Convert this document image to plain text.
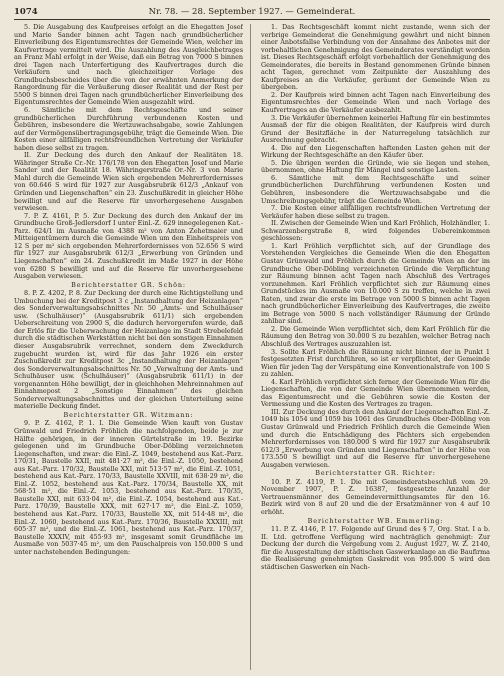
1074	Nr. 78. — 28. September 1927. — Gemeinderat.

5. Die Ausgabung des Kaufpreises erfolgt an die Ehegatten Josef und Marie Sander binnen acht Tagen nach grundbücherlicher Einverleibung des Eigentumsrechtes der Gemeinde Wien, welcher im Kaufvertrage vermittelt wird. Die Auszahlung des Ausgleichbetrages an Franz Mahl erfolgt in der Weise, daß ein Betrag von 7000 S binnen drei Tagen nach Unterfertigung des Kaufvertrages durch die Verkäufern und nach gleichzeitiger Vorlage des Grundbuchsbescheides über die von der erwähnten Anmerkung der Rangordnung für die Veräußerung dieser Realität und der Rest per 5500 S binnen drei Tagen nach grundbücherlicher Einverleibung des Eigentumsrechtes der Gemeinde Wien ausgezahlt wird.

6. Sämtliche mit dem Rechtsgeschäfte und seiner grundbücherlichen Durchführung verbundenen Kosten und Gebühren, insbesondere die Wertzuwachsabgabe, sowie Zahlungen auf der Vermögensübertragungsgebühr, trägt die Gemeinde Wien. Die Kosten einer allfälligen rechtsfreundlichen Vertretung der Verkäufer haben diese selbst zu tragen.

II. Zur Deckung des durch den Ankauf der Realitäten 18. Währinger Straße Cr.-Nr. 176/178 von den Ehegatten Josef und Marie Sander und der Realität 18. Währingerstraße Or.-Nr. 3 von Marie Mahl durch die Gemeinde Wien sich ergebenden Mehrerfordernisses von 60.646 S wird für 1927 zur Ausgabsrubrik 612/3 „Ankauf von Gründen und Liegenschaften“ ein 23. Zuschußkredit in gleicher Höhe bewilligt und auf die Reserve für unvorhergesehene Ausgaben verwiesen.

7. P. Z. 4161, P. 5. Zur Deckung des durch den Ankauf der im Grundbuche Groß-Jedlersdorf I unter Einl.-Z. 629 innegelegenen Kat.-Parz. 624/1 im Ausmaße von 4388 m² von Anton Zehetmaier und Mitteigentümern durch die Gemeinde Wien um den Einheitspreis von 12 S per m² sich ergebenden Mehrerfordernisses von 52.656 S wird für 1927 zur Ausgabsrubrik 612/3 „Erwerbung von Gründen und Liegenschaften“ ein 24. Zuschußkredit im Maße 1927 in der Höhe von 6280 S bewilligt und auf die Reserve für unvorhergesehene Ausgaben verwiesen.

Berichterstatter GR. Schön:

8. P. Z. 4202, P. 8. Zur Deckung der durch eine Richtigstellung und Umbuchung bei der Kreditpost 3 c „Instandhaltung der Heizanlagen“ des Sonderverwaltungsabschnittes Nr. 50 „Amts- und Schulhäuser usw. (Schulhäuser)“ (Ausgabsrubrik 611/1) sich ergebenden Ueberschreitung von 2900 S, die dadurch hervorgerufen wurde, daß der Erlös für die Ueberwachung der Heizanlage im Stadt Strebelefeld durch die städtischen Werkstätten nicht bei den sonstigen Einnahmen dieser Ausgabsrubrik verrechnet, sondern dem Zweckdurch zugebucht wurden ist, wird für das Jahr 1926 ein erster Zuschußkredit zur Kreditpost 3c „Instandhaltung der Heizanlagen“ des Sonderverwaltungsabschnittes Nr. 50 „Verwaltung der Amts- und Schulhäuser usw. (Schulhäuser)“ (Ausgabsrubrik 611/1) in der vorgenannten Höhe bewilligt, der in gleichhohen Mehreinnahmen auf Einnahmepost 2 „Sonstige Einnahmen“ des gleichen Sonderverwaltungsabschnittes und der gleichen Unterteilung seine materielle Deckung findet.

Berichterstatter GR. Witzmann:

9. P. Z. 4162, P. 1. I. Die Gemeinde Wien kauft von Gustav Grünwald und Friedrich Fröhlich die nachfolgenden, beide je zur Hälfte gehörigen, in der inneren Gürtelstraße im 19. Bezirke gelegenen und im Grundbuche Ober-Döbling verzeichneten Liegenschaften, und zwar: die Einl.-Z. 1049, bestehend aus Kat.-Parz. 170/31, Baustelle XXII, mit 481·27 m², die Einl.-Z. 1050, bestehend aus Kat.-Parz. 170/32, Baustelle XXI, mit 513·57 m², die Einl.-Z. 1051, bestehend aus Kat.-Parz. 170/33, Baustelle XXVIII, mit 638·29 m², die Einl.-Z. 1052, bestehend aus Kat.-Parz. 170/34, Baustelle XX, mit 568·51 m², die Einl.-Z. 1053, bestehend aus Kat.-Parz. 170/35, Baustelle XXI, mit 633·04 m², die Einl.-Z. 1054, bestehend aus Kat.-Parz. 170/39, Baustelle XXX, mit 627·17 m², die Einl.-Z. 1059, bestehend aus Kat.-Parz. 170/33, Baustelle XX, mit 514·48 m², die Einl.-Z. 1060, bestehend aus Kat.-Parz. 170/36, Baustelle XXXIII, mit 605·37 m², und die Einl.-Z. 1061, bestehend aus Kat.-Parz. 170/37, Baustelle XXXIV, mit 455·93 m², insgesamt somit Grundfläche im Ausmaße von 5037·45 m², um den Pauschalpreis von 150.000 S und unter nachstehenden Bedingungen:

1. Das Rechtsgeschäft kommt nicht zustande, wenn sich der verbrige Gemeinderat die Genehmigung gewährt und nicht binnen einer Anbotsfallse Verbindung von der Annahme des Anbotes mit der vorbehaltlichen Genehmigung des Gemeinderates verständigt worden ist. Dieses Rechtsgeschäft erfolgt vorbehaltlich der Genehmigung des Gemeinderates, die bereits in Bestand genommenen Gründe binnen acht Tagen, gerechnet vom Zeitpunkte der Auszahlung des Kaufpreises an die Verkäufer, geräumt der Gemeinde Wien zu übergeben.

2. Der Kaufpreis wird binnen acht Tagen nach Einverleibung des Eigentumsrechtes der Gemeinde Wien und nach Vorlage des Kaufvertrages an die Verkäufer ausbezahlt.

3. Die Verkäufer übernehmen keinerlei Haftung für ein bestimmtes Ausmaß der für die obigen Realitäten, der Kaufpreis wird durch Grund der Besitzfläche in der Naturregelung tatsächlich zur Ausrechnung gebracht.

4. Die auf den Liegenschaften haftenden Lasten gehen mit der Wirkung der Rechtsgeschäfte an den Käufer über.

5. Die übrigen werden die Gründe, wie sie liegen und stehen, übernommen, ohne Haftung für Mängel und sonstige Lasten.

6. Sämtliche mit dem Rechtsgeschäfte und seiner grundbücherlichen Durchführung verbundenen Kosten und Gebühren, insbesondere die Wertzuwachsabgabe und die Umschreibungsgebühr, trägt die Gemeinde Wien.

7. Die Kosten einer allfälligen rechtsfreundlichen Vertretung der Verkäufer haben diese selbst zu tragen.

II. Zwischen der Gemeinde Wien und Karl Fröhlich, Holzhändler, 1. Schwarzenbergstraße 8, wird folgendes Uebereinkommen geschlossen:

1. Karl Fröhlich verpflichtet sich, auf der Grundlage des Vorstehenden Vergleiches die Gemeinde Wien die den Ehegatten Gustav Grünwald und Fröhlich durch die Gemeinde Wien an der im Grundbuche Ober-Döbling verzeichneten Gründe die Verpflichtung zur Räumung binnen acht Tagen nach Abschluß des Vertrages vorzunehmen. Karl Fröhlich verpflichtet sich zur Räumung eines Grundstückes im Ausmaße von 10.000 S zu treffen, welche in zwei Raten, und zwar die erste im Betrage von 5000 S binnen acht Tagen nach grundbücherlicher Einverleibung des Kaufvertrages, die zweite im Betrage von 5000 S nach vollständiger Räumung der Gründe zahlbar sind.

2. Die Gemeinde Wien verpflichtet sich, dem Karl Fröhlich für die Räumung den Betrag von 30.000 S zu bezahlen, welcher Betrag nach Abschluß des Vertrages auszuzahlen ist.

3. Sollte Karl Fröhlich die Räumung nicht binnen der in Punkt 1 festgesetzten Frist durchführen, so ist er verpflichtet, der Gemeinde Wien für jeden Tag der Verspätung eine Konventionalstrafe von 100 S zu zahlen.

4. Karl Fröhlich verpflichtet sich ferner, der Gemeinde Wien für die Liegenschaften, die von der Gemeinde Wien übernommen werden, das Eigentumsrecht und die Gebühren sowie die Kosten der Vermessung und die Kosten des Vertrages zu tragen.

III. Zur Deckung des durch den Ankauf der Liegenschaften Einl.-Z. 1049 bis 1054 und 1059 bis 1061 des Grundbuches Ober-Döbling von Gustav Grünwald und Friedrich Fröhlich durch die Gemeinde Wien und durch die Entschädigung des Pächters sich ergebenden Mehrerfordernisses von 180.000 S wird für 1927 zur Ausgabsrubrik 612/3 „Erwerbung von Gründen und Liegenschaften“ in der Höhe von 173.550 S bewilligt und auf die Reserve für unvorhergesehene Ausgaben verwiesen.

Berichterstatter GR. Richter:

10. P. Z. 4119, P. 1. Die mit Gemeinderatsbeschluß vom 29. November 1907, P. Z. 16387, festgesetzte Anzahl der Vertrauensmänner des Gemeindevermittlungsamtes für den 16. Bezirk wird von 8 auf 20 und die der Ersatzmänner von 4 auf 10 erhöht.

Berichterstatter WB. Emmerling:

11. P. Z. 4146, P. 17. Folgende auf Grund des § 7, Org. Stat. I a b. II. Ltd. getroffene Verfügung wird nachträglich genehmigt: Zur Deckung der durch die Vergebung vom 2. August 1927, W. Z. 2140, für die Ausgestaltung der städtischen Gaswerkanlage an die Baufirma die Realisierung genehmigten Gaskredit von 995.000 S wird den städtischen Gaswerken ein Nach-
